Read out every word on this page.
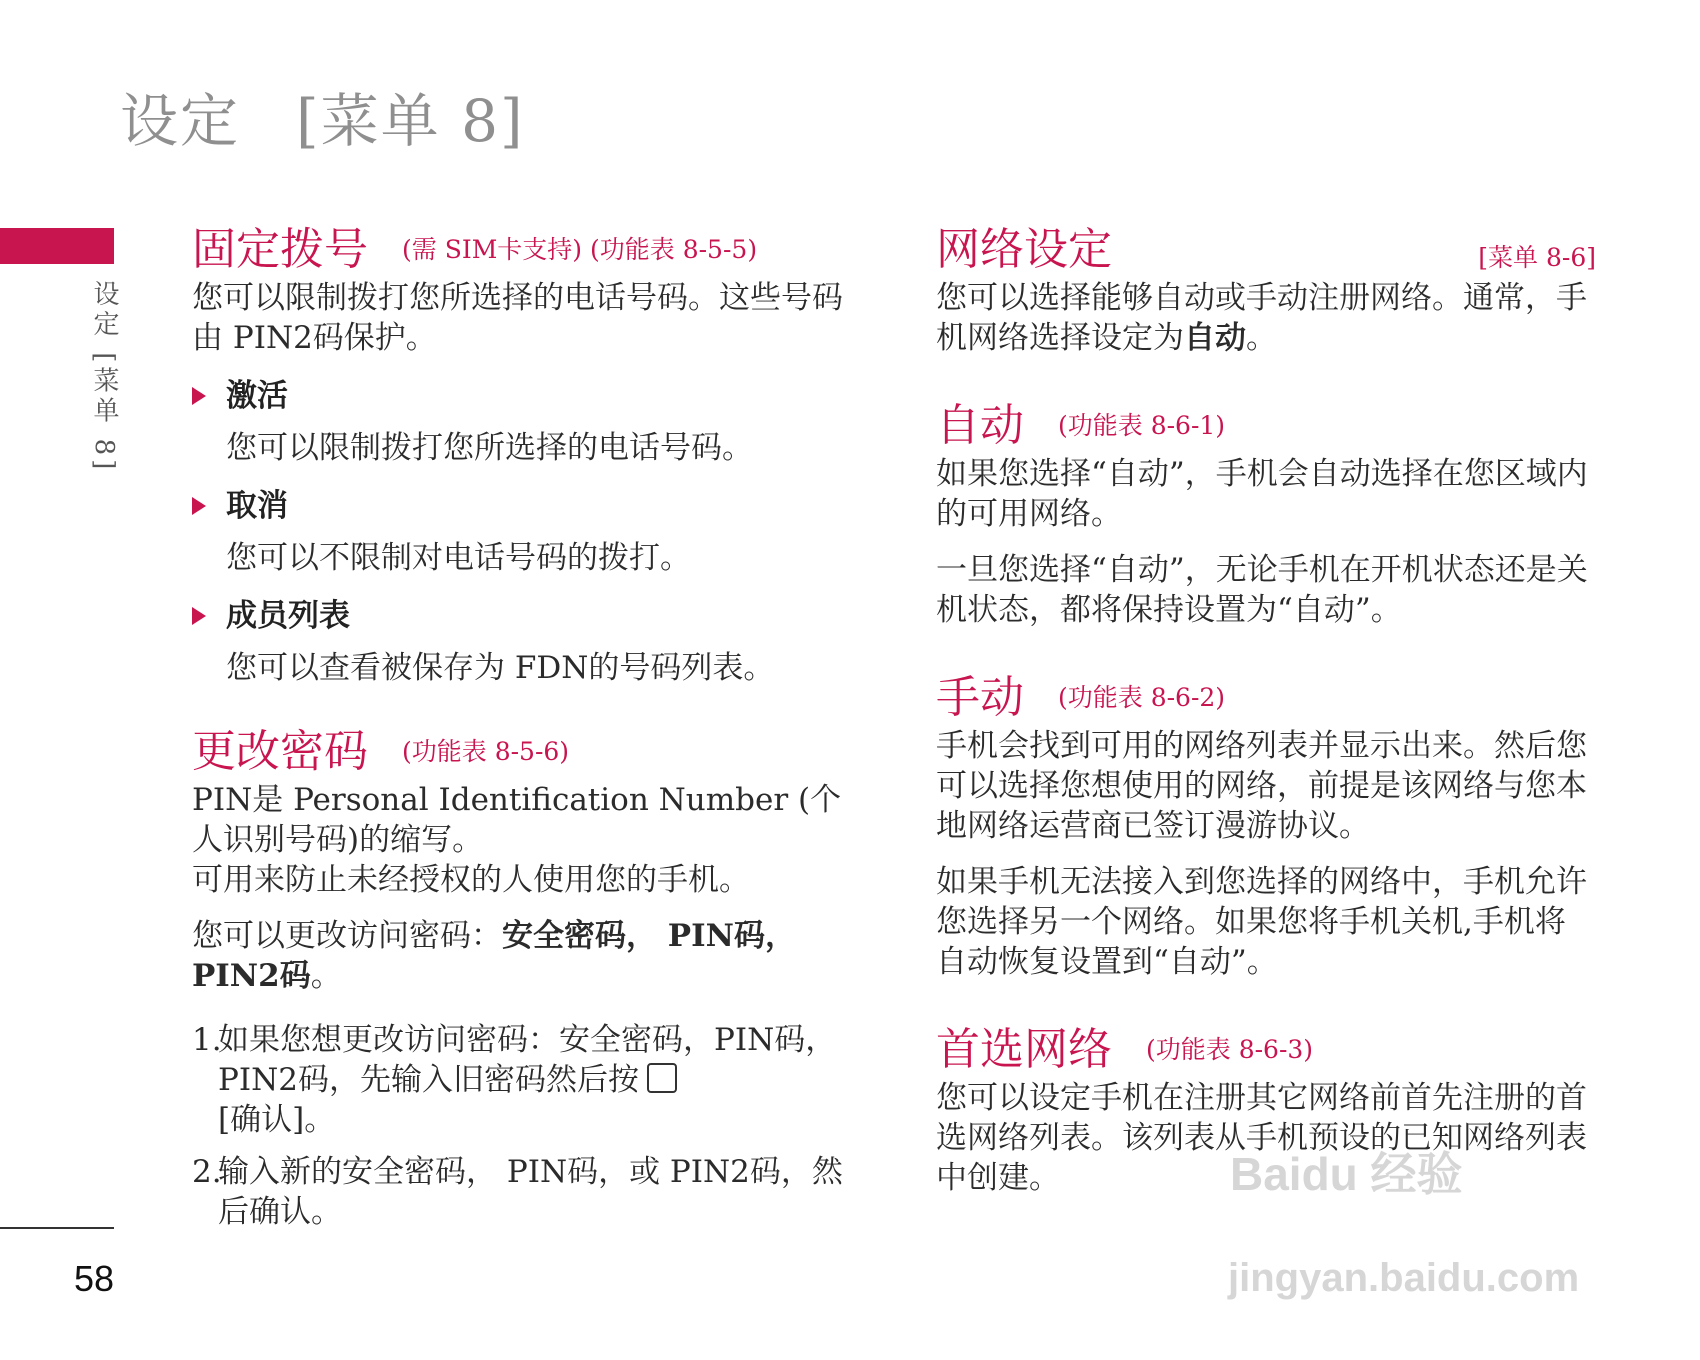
设定 [菜单 8]
设定 [菜单 8]
58
固定拨号 (需 SIM卡支持) (功能表 8-5-5)

您可以限制拨打您所选择的电话号码。这些号码由 PIN2码保护。

激活

您可以限制拨打您所选择的电话号码。

取消

您可以不限制对电话号码的拨打。

成员列表

您可以查看被保存为 FDN的号码列表。

更改密码 (功能表 8-5-6)

PIN是 Personal Identification Number (个人识别号码)的缩写。

可用来防止未经授权的人使用您的手机。

您可以更改访问密码：安全密码， PIN码，PIN2码。

1.

如果您想更改访问密码：安全密码，PIN码， PIN2码，先输入旧密码然后按
[确认]。

2.

输入新的安全密码， PIN码，或 PIN2码，然后确认。

网络设定	[菜单 8-6]

您可以选择能够自动或手动注册网络。通常，手机网络选择设定为自动。

自动 (功能表 8-6-1)

如果您选择“自动”，手机会自动选择在您区域内的可用网络。

一旦您选择“自动”，无论手机在开机状态还是关机状态，都将保持设置为“自动”。

手动 (功能表 8-6-2)

手机会找到可用的网络列表并显示出来。然后您可以选择您想使用的网络，前提是该网络与您本地网络运营商已签订漫游协议。

如果手机无法接入到您选择的网络中，手机允许您选择另一个网络。如果您将手机关机,手机将自动恢复设置到“自动”。

首选网络 (功能表 8-6-3)

您可以设定手机在注册其它网络前首先注册的首选网络列表。该列表从手机预设的已知网络列表中创建。	Baidu 经验
jingyan.baidu.com
